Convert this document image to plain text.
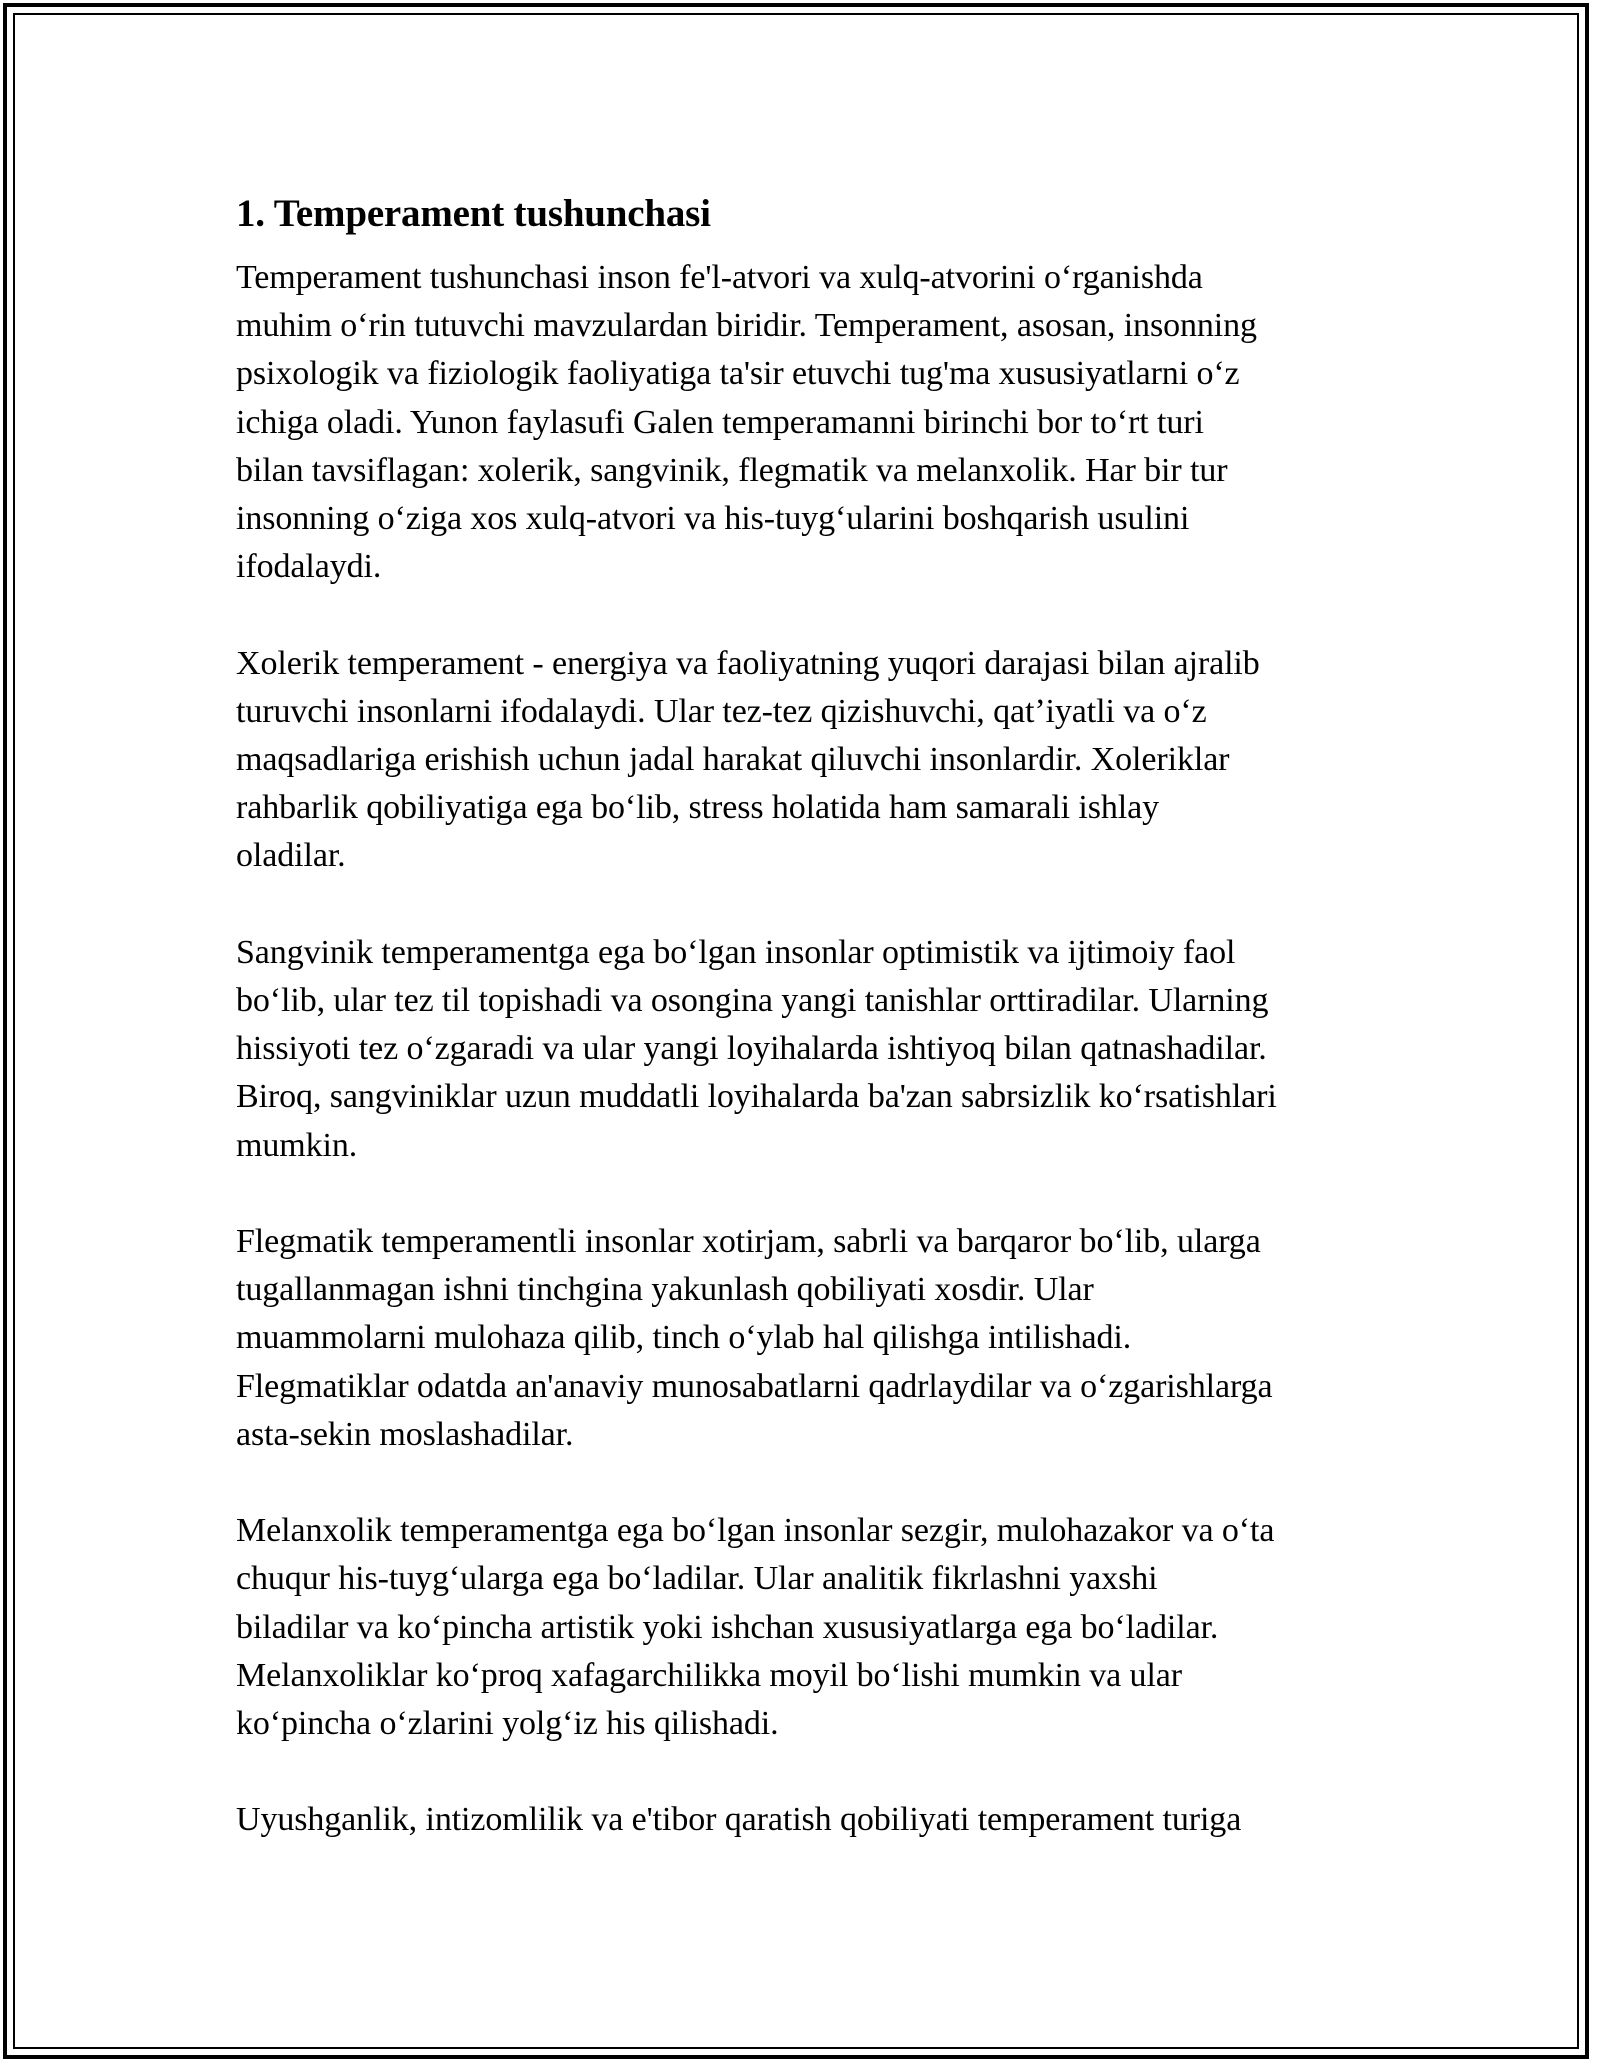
1. Temperament tushunchasi
Temperament tushunchasi inson fe'l-atvori va xulq-atvorini oʻrganishda
muhim oʻrin tutuvchi mavzulardan biridir. Temperament, asosan, insonning
psixologik va fiziologik faoliyatiga ta'sir etuvchi tug'ma xususiyatlarni oʻz
ichiga oladi. Yunon faylasufi Galen temperamanni birinchi bor toʻrt turi
bilan tavsiflagan: xolerik, sangvinik, flegmatik va melanxolik. Har bir tur
insonning oʻziga xos xulq-atvori va his-tuygʻularini boshqarish usulini
ifodalaydi.
Xolerik temperament - energiya va faoliyatning yuqori darajasi bilan ajralib
turuvchi insonlarni ifodalaydi. Ular tez-tez qizishuvchi, qatʼiyatli va oʻz
maqsadlariga erishish uchun jadal harakat qiluvchi insonlardir. Xoleriklar
rahbarlik qobiliyatiga ega boʻlib, stress holatida ham samarali ishlay
oladilar.
Sangvinik temperamentga ega boʻlgan insonlar optimistik va ijtimoiy faol
boʻlib, ular tez til topishadi va osongina yangi tanishlar orttiradilar. Ularning
hissiyoti tez oʻzgaradi va ular yangi loyihalarda ishtiyoq bilan qatnashadilar.
Biroq, sangviniklar uzun muddatli loyihalarda ba'zan sabrsizlik koʻrsatishlari
mumkin.
Flegmatik temperamentli insonlar xotirjam, sabrli va barqaror boʻlib, ularga
tugallanmagan ishni tinchgina yakunlash qobiliyati xosdir. Ular
muammolarni mulohaza qilib, tinch oʻylab hal qilishga intilishadi.
Flegmatiklar odatda an'anaviy munosabatlarni qadrlaydilar va oʻzgarishlarga
asta-sekin moslashadilar.
Melanxolik temperamentga ega boʻlgan insonlar sezgir, mulohazakor va oʻta
chuqur his-tuygʻularga ega boʻladilar. Ular analitik fikrlashni yaxshi
biladilar va koʻpincha artistik yoki ishchan xususiyatlarga ega boʻladilar.
Melanxoliklar koʻproq xafagarchilikka moyil boʻlishi mumkin va ular
koʻpincha oʻzlarini yolgʻiz his qilishadi.
Uyushganlik, intizomlilik va e'tibor qaratish qobiliyati temperament turiga
